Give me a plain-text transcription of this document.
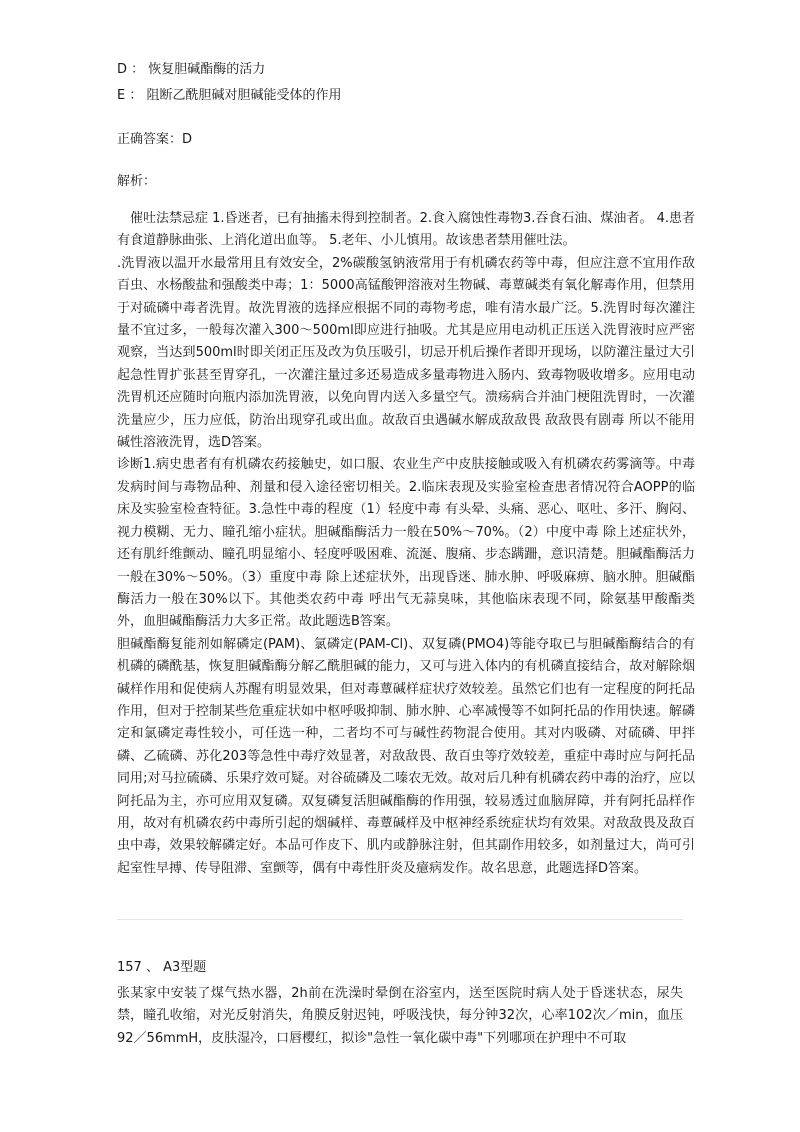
D ： 恢复胆碱酯酶的活力
E ： 阻断乙酰胆碱对胆碱能受体的作用
正确答案：D
解析：

催吐法禁忌症 1.昏迷者，已有抽搐未得到控制者。2.食入腐蚀性毒物3.吞食石油、煤油者。 4.患者有食道静脉曲张、上消化道出血等。 5.老年、小儿慎用。故该患者禁用催吐法。

.洗胃液以温开水最常用且有效安全，2%碳酸氢钠液常用于有机磷农药等中毒，但应注意不宜用作敌百虫、水杨酸盐和强酸类中毒；1：5000高锰酸钾溶液对生物碱、毒蕈碱类有氧化解毒作用，但禁用于对硫磷中毒者洗胃。故洗胃液的选择应根据不同的毒物考虑，唯有清水最广泛。5.洗胃时每次灌注量不宜过多，一般每次灌入300～500ml即应进行抽吸。尤其是应用电动机正压送入洗胃液时应严密观察，当达到500ml时即关闭正压及改为负压吸引，切忌开机后操作者即开现场，以防灌注量过大引起急性胃扩张甚至胃穿孔，一次灌注量过多还易造成多量毒物进入肠内、致毒物吸收增多。应用电动洗胃机还应随时向瓶内添加洗胃液，以免向胃内送入多量空气。溃疡病合并油门梗阻洗胃时，一次灌洗量应少，压力应低，防治出现穿孔或出血。故敌百虫遇碱水解成敌敌畏 敌敌畏有剧毒 所以不能用碱性溶液洗胃，选D答案。

诊断1.病史患者有有机磷农药接触史，如口服、农业生产中皮肤接触或吸入有机磷农药雾滴等。中毒发病时间与毒物品种、剂量和侵入途径密切相关。2.临床表现及实验室检查患者情况符合AOPP的临床及实验室检查特征。3.急性中毒的程度（1）轻度中毒 有头晕、头痛、恶心、呕吐、多汗、胸闷、视力模糊、无力、瞳孔缩小症状。胆碱酯酶活力一般在50%～70%。（2）中度中毒 除上述症状外，还有肌纤维颤动、瞳孔明显缩小、轻度呼吸困难、流涎、腹痛、步态蹒跚，意识清楚。胆碱酯酶活力一般在30%～50%。（3）重度中毒 除上述症状外，出现昏迷、肺水肿、呼吸麻痹、脑水肿。胆碱酯酶活力一般在30%以下。其他类农药中毒 呼出气无蒜臭味，其他临床表现不同，除氨基甲酸酯类外，血胆碱酯酶活力大多正常。故此题选B答案。

胆碱酯酶复能剂如解磷定(PAM)、氯磷定(PAM-Cl)、双复磷(PMO4)等能夺取已与胆碱酯酶结合的有机磷的磷酰基，恢复胆碱酯酶分解乙酰胆碱的能力，又可与进入体内的有机磷直接结合，故对解除烟碱样作用和促使病人苏醒有明显效果，但对毒蕈碱样症状疗效较差。虽然它们也有一定程度的阿托品作用，但对于控制某些危重症状如中枢呼吸抑制、肺水肿、心率减慢等不如阿托品的作用快速。解磷定和氯磷定毒性较小，可任选一种，二者均不可与碱性药物混合使用。其对内吸磷、对硫磷、甲拌磷、乙硫磷、苏化203等急性中毒疗效显著，对敌敌畏、敌百虫等疗效较差，重症中毒时应与阿托品同用;对马拉硫磷、乐果疗效可疑。对谷硫磷及二嗪农无效。故对后几种有机磷农药中毒的治疗，应以阿托品为主，亦可应用双复磷。双复磷复活胆碱酯酶的作用强，较易透过血脑屏障，并有阿托品样作用，故对有机磷农药中毒所引起的烟碱样、毒蕈碱样及中枢神经系统症状均有效果。对敌敌畏及敌百虫中毒，效果较解磷定好。本品可作皮下、肌内或静脉注射，但其副作用较多，如剂量过大，尚可引起室性早搏、传导阻滞、室颤等，偶有中毒性肝炎及癔病发作。故名思意，此题选择D答案。

157 、 A3型题
张某家中安装了煤气热水器，2h前在洗澡时晕倒在浴室内，送至医院时病人处于昏迷状态，尿失禁，瞳孔收缩，对光反射消失，角膜反射迟钝，呼吸浅快，每分钟32次，心率102次／min，血压92／56mmH，皮肤湿冷，口唇樱红，拟诊"急性一氧化碳中毒"下列哪项在护理中不可取
